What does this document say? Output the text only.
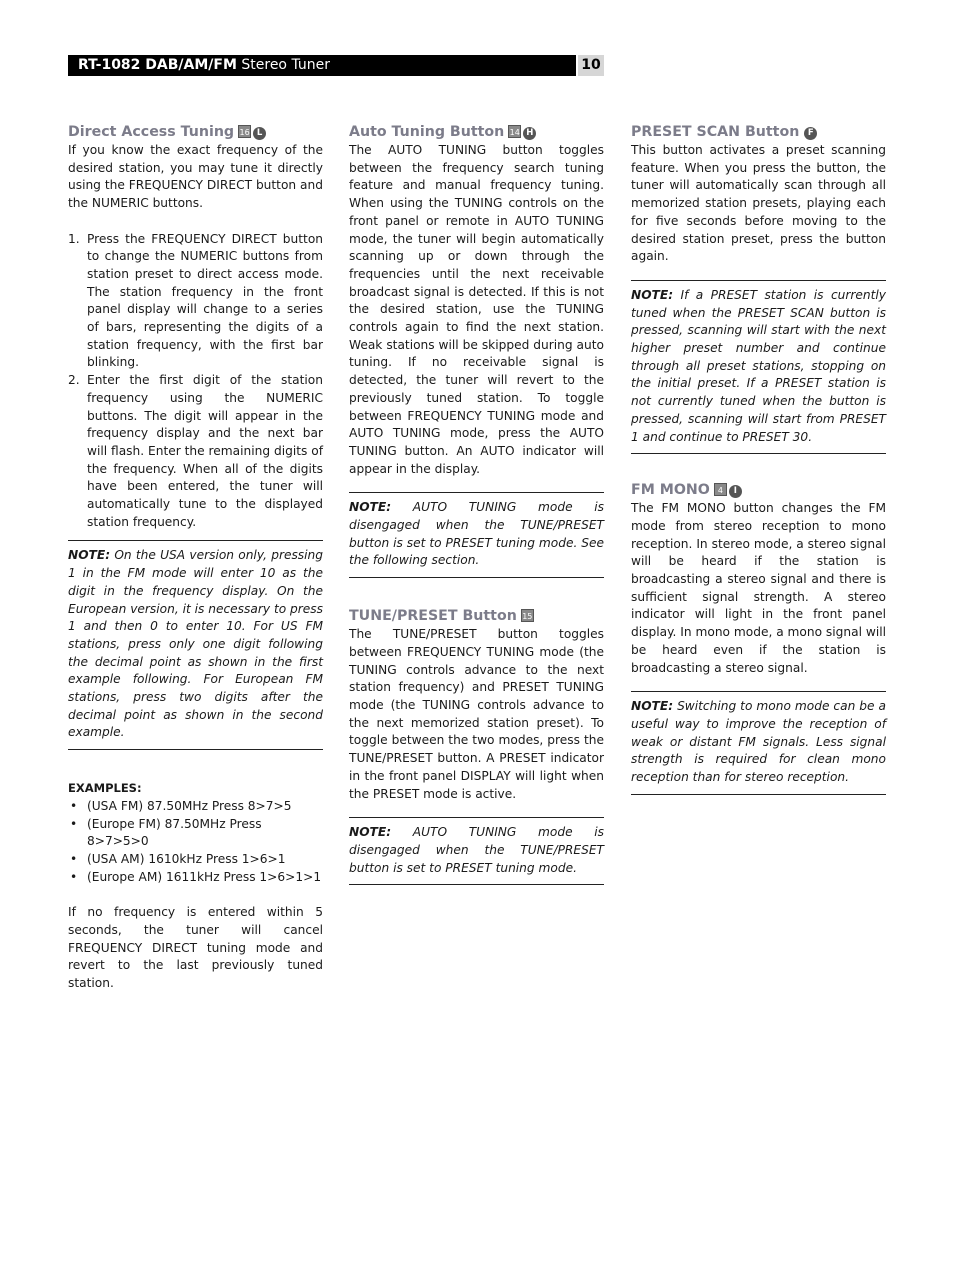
RT-1082 DAB/AM/FM Stereo Tuner	10
Direct Access Tuning 16 L

If you know the exact frequency of the desired station, you may tune it directly using the FREQUENCY DIRECT button and the NUMERIC buttons.

1. Press the FREQUENCY DIRECT button to change the NUMERIC buttons from station preset to direct access mode. The station frequency in the front panel display will change to a series of bars, representing the digits of a station frequency, with the first bar blinking.
2. Enter the first digit of the station frequency using the NUMERIC buttons. The digit will appear in the frequency display and the next bar will flash. Enter the remaining digits of the frequency. When all of the digits have been entered, the tuner will automatically tune to the displayed station frequency.

NOTE: On the USA version only, pressing 1 in the FM mode will enter 10 as the digit in the frequency display. On the European version, it is necessary to press 1 and then 0 to enter 10. For US FM stations, press only one digit following the decimal point as shown in the first example following. For European FM stations, press two digits after the decimal point as shown in the second example.

EXAMPLES:
• (USA FM) 87.50MHz Press 8>7>5
• (Europe FM) 87.50MHz Press 8>7>5>0
• (USA AM) 1610kHz Press 1>6>1
• (Europe AM) 1611kHz Press 1>6>1>1

If no frequency is entered within 5 seconds, the tuner will cancel FREQUENCY DIRECT tuning mode and revert to the last previously tuned station.

Auto Tuning Button 14 H

The AUTO TUNING button toggles between the frequency search tuning feature and manual frequency tuning. When using the TUNING controls on the front panel or remote in AUTO TUNING mode, the tuner will begin automatically scanning up or down through the frequencies until the next receivable broadcast signal is detected. If this is not the desired station, use the TUNING controls again to find the next station. Weak stations will be skipped during auto tuning. If no receivable signal is detected, the tuner will revert to the previously tuned station. To toggle between FREQUENCY TUNING mode and AUTO TUNING mode, press the AUTO TUNING button. An AUTO indicator will appear in the display.

NOTE: AUTO TUNING mode is disengaged when the TUNE/PRESET button is set to PRESET tuning mode. See the following section.

TUNE/PRESET Button 15

The TUNE/PRESET button toggles between FREQUENCY TUNING mode (the TUNING controls advance to the next station frequency) and PRESET TUNING mode (the TUNING controls advance to the next memorized station preset). To toggle between the two modes, press the TUNE/PRESET button. A PRESET indicator in the front panel DISPLAY will light when the PRESET mode is active.

NOTE: AUTO TUNING mode is disengaged when the TUNE/PRESET button is set to PRESET tuning mode.

PRESET SCAN Button F

This button activates a preset scanning feature. When you press the button, the tuner will automatically scan through all memorized station presets, playing each for five seconds before moving to the desired station preset, press the button again.

NOTE: If a PRESET station is currently tuned when the PRESET SCAN button is pressed, scanning will start with the next higher preset number and continue through all preset stations, stopping on the initial preset. If a PRESET station is not currently tuned when the button is pressed, scanning will start from PRESET 1 and continue to PRESET 30.

FM MONO 4 I

The FM MONO button changes the FM mode from stereo reception to mono reception. In stereo mode, a stereo signal will be heard if the station is broadcasting a stereo signal and there is sufficient signal strength. A stereo indicator will light in the front panel display. In mono mode, a mono signal will be heard even if the station is broadcasting a stereo signal.

NOTE: Switching to mono mode can be a useful way to improve the reception of weak or distant FM signals. Less signal strength is required for clean mono reception than for stereo reception.
